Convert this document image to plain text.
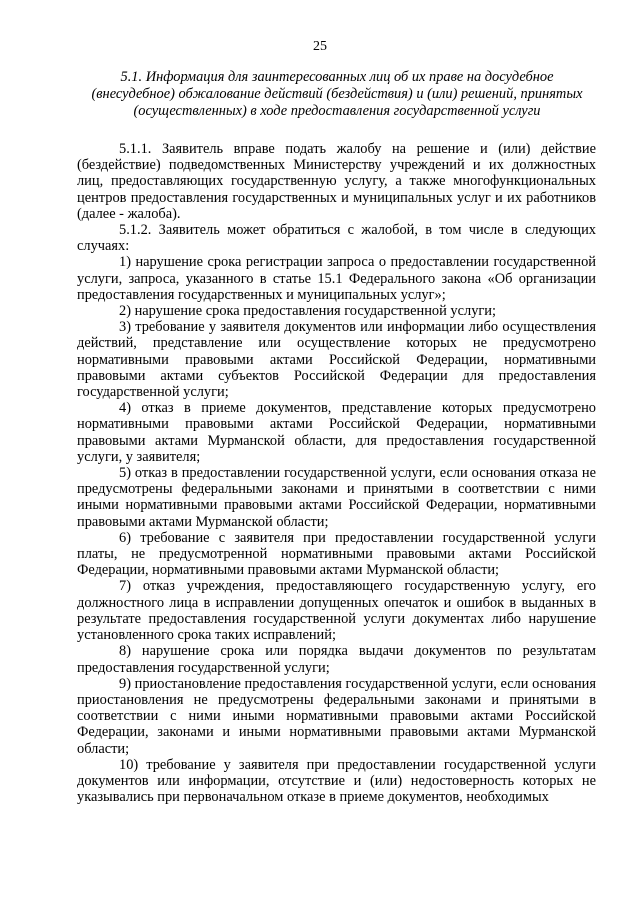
25
5.1. Информация для заинтересованных лиц об их праве на досудебное (внесудебное) обжалование действий (бездействия) и (или) решений, принятых (осуществленных) в ходе предоставления государственной услуги

5.1.1. Заявитель вправе подать жалобу на решение и (или) действие (бездействие) подведомственных Министерству учреждений и их должностных лиц, предоставляющих государственную услугу, а также многофункциональных центров предоставления государственных и муниципальных услуг и их работников (далее - жалоба).

5.1.2. Заявитель может обратиться с жалобой, в том числе в следующих случаях:

1) нарушение срока регистрации запроса о предоставлении государственной услуги, запроса, указанного в статье 15.1 Федерального закона «Об организации предоставления государственных и муниципальных услуг»;

2) нарушение срока предоставления государственной услуги;

3) требование у заявителя документов или информации либо осуществления действий, представление или осуществление которых не предусмотрено нормативными правовыми актами Российской Федерации, нормативными правовыми актами субъектов Российской Федерации для предоставления государственной услуги;

4) отказ в приеме документов, представление которых предусмотрено нормативными правовыми актами Российской Федерации, нормативными правовыми актами Мурманской области, для предоставления государственной услуги, у заявителя;

5) отказ в предоставлении государственной услуги, если основания отказа не предусмотрены федеральными законами и принятыми в соответствии с ними иными нормативными правовыми актами Российской Федерации, нормативными правовыми актами Мурманской области;

6) требование с заявителя при предоставлении государственной услуги платы, не предусмотренной нормативными правовыми актами Российской Федерации, нормативными правовыми актами Мурманской области;

7) отказ учреждения, предоставляющего государственную услугу, его должностного лица в исправлении допущенных опечаток и ошибок в выданных в результате предоставления государственной услуги документах либо нарушение установленного срока таких исправлений;

8) нарушение срока или порядка выдачи документов по результатам предоставления государственной услуги;

9) приостановление предоставления государственной услуги, если основания приостановления не предусмотрены федеральными законами и принятыми в соответствии с ними иными нормативными правовыми актами Российской Федерации, законами и иными нормативными правовыми актами Мурманской области;

10) требование у заявителя при предоставлении государственной услуги документов или информации, отсутствие и (или) недостоверность которых не указывались при первоначальном отказе в приеме документов, необходимых
